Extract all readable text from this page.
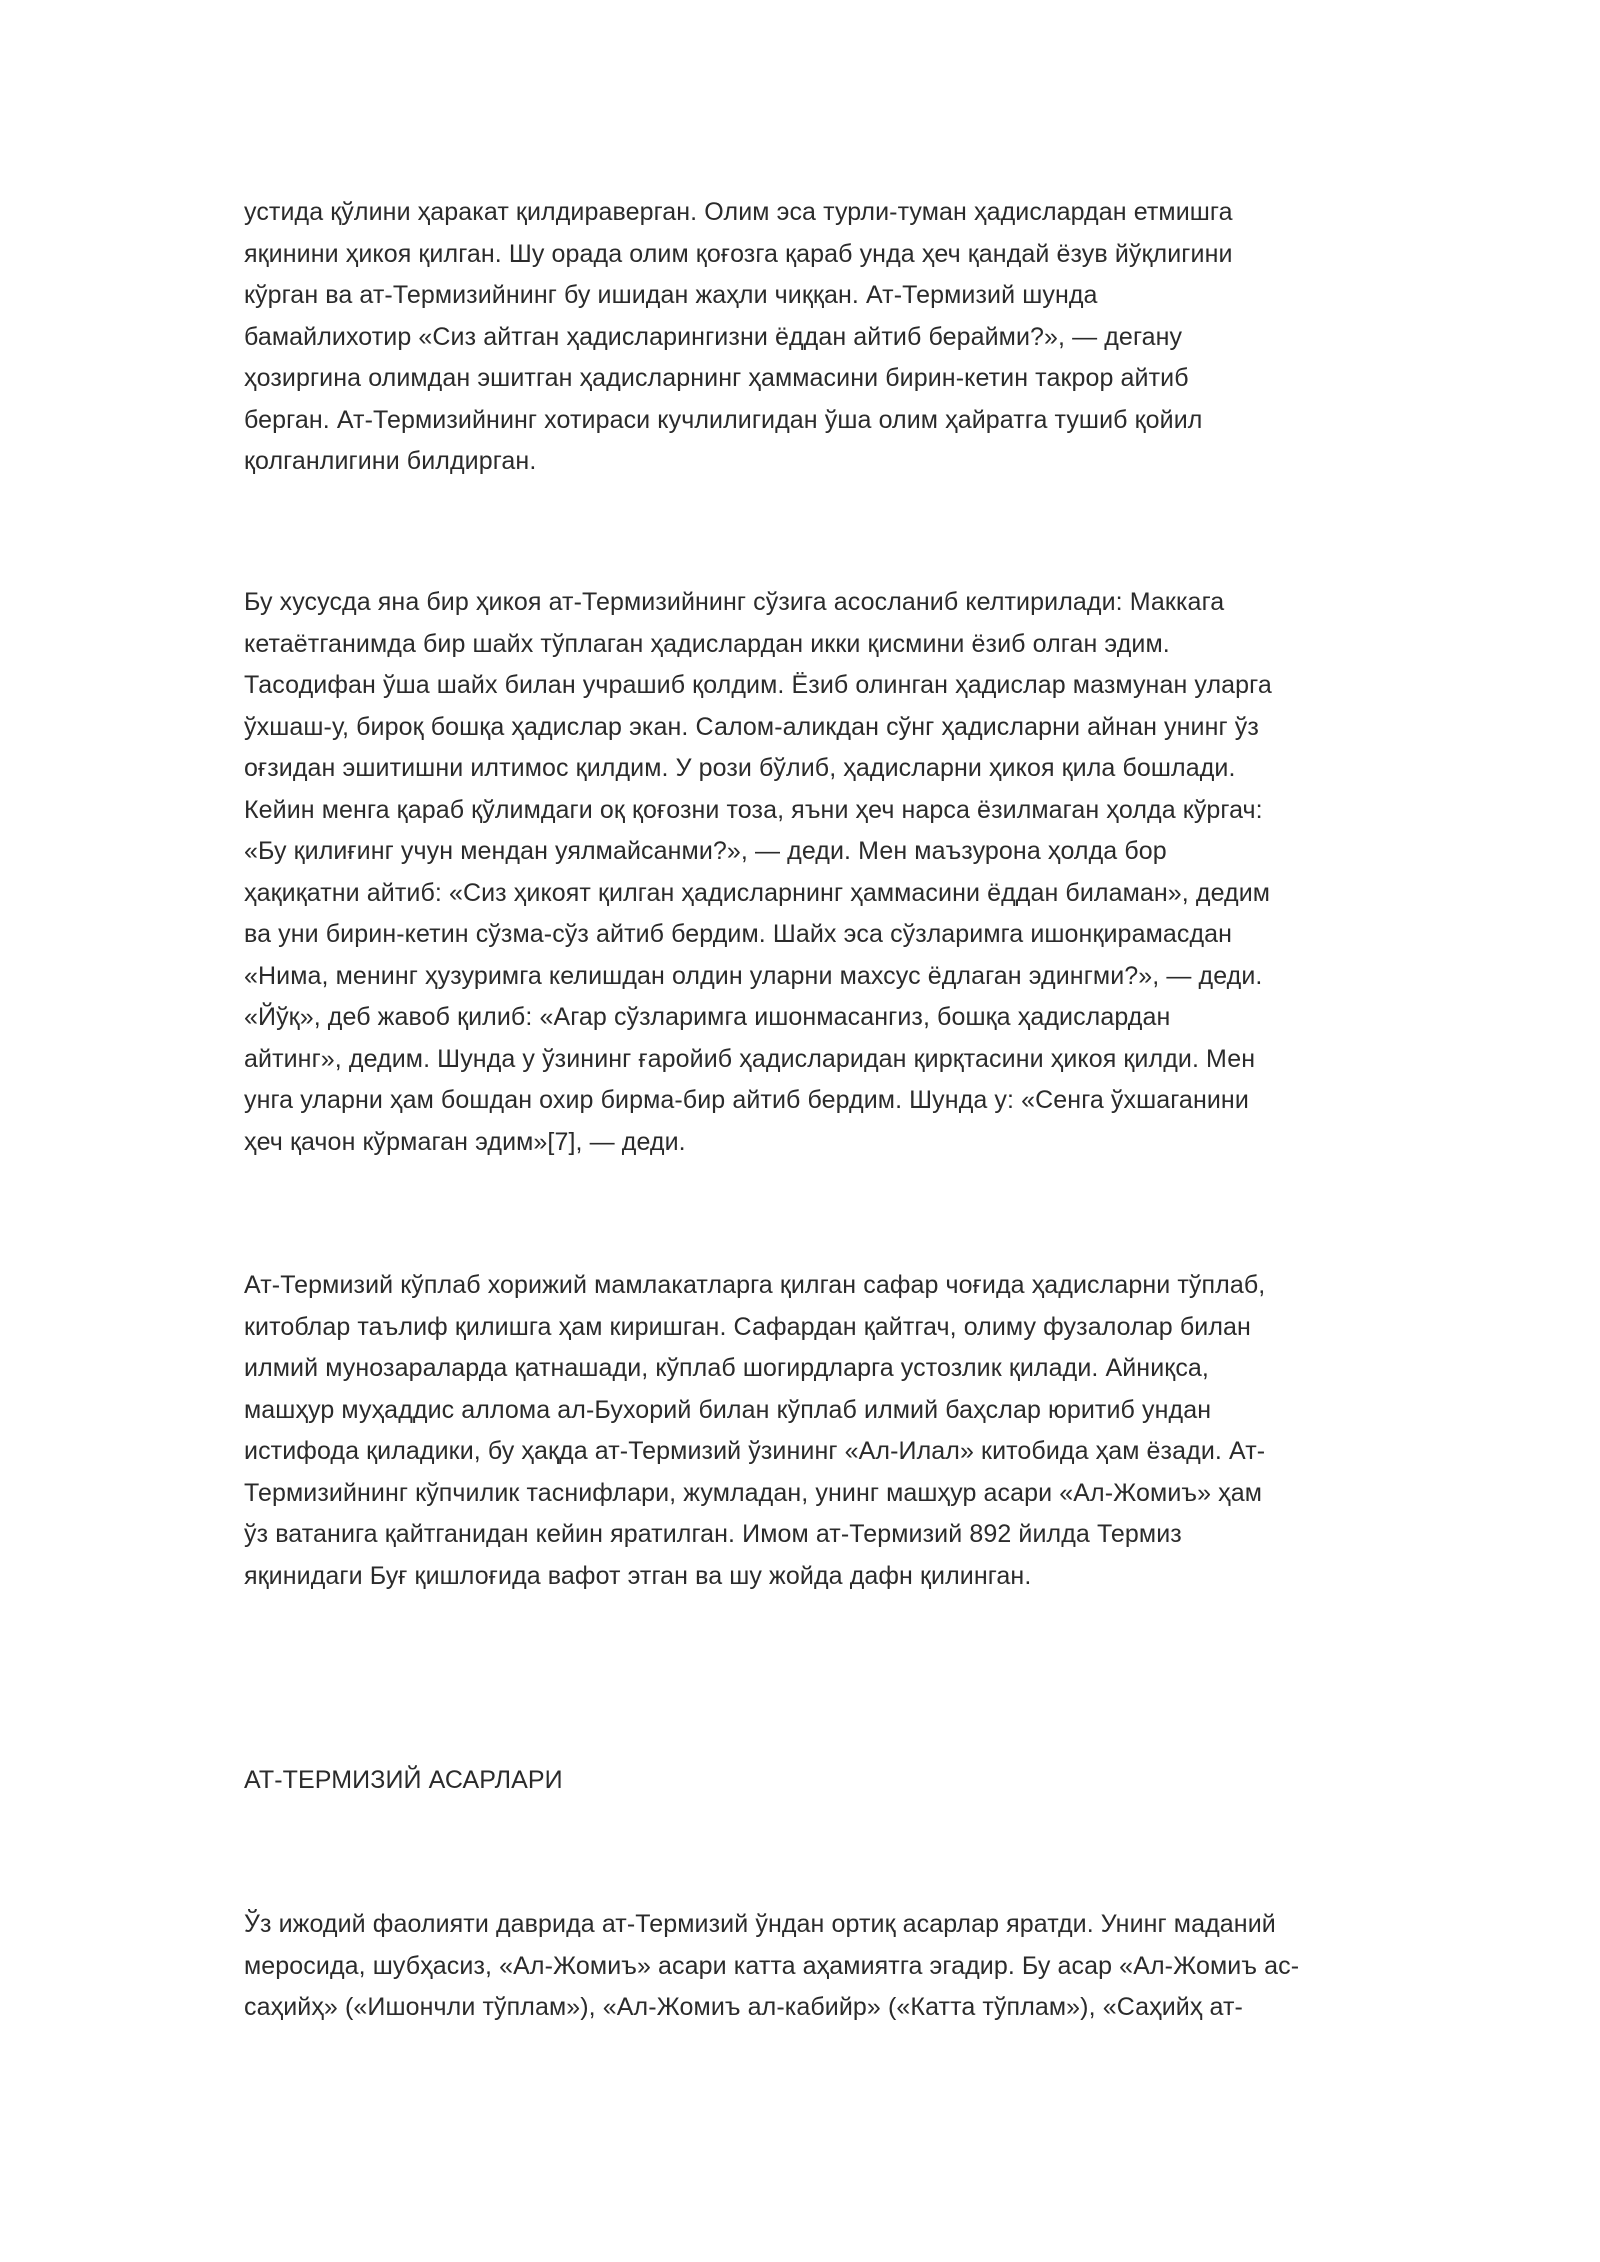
устида қўлини ҳаракат қилдираверган. Олим эса турли-туман ҳадислардан етмишга
яқинини ҳикоя қилган. Шу орада олим қоғозга қараб унда ҳеч қандай ёзув йўқлигини
кўрган ва ат-Термизийнинг бу ишидан жаҳли чиққан. Ат-Термизий шунда
бамайлихотир «Сиз айтган ҳадисларингизни ёддан айтиб берайми?», — дегану
ҳозиргина олимдан эшитган ҳадисларнинг ҳаммасини бирин-кетин такрор айтиб
берган. Ат-Термизийнинг хотираси кучлилигидан ўша олим ҳайратга тушиб қойил
қолганлигини билдирган.

Бу хусусда яна бир ҳикоя ат-Термизийнинг сўзига асосланиб келтирилади: Маккага
кетаётганимда бир шайх тўплаган ҳадислардан икки қисмини ёзиб олган эдим.
Тасодифан ўша шайх билан учрашиб қолдим. Ёзиб олинган ҳадислар мазмунан уларга
ўхшаш-у, бироқ бошқа ҳадислар экан. Салом-аликдан сўнг ҳадисларни айнан унинг ўз
оғзидан эшитишни илтимос қилдим. У рози бўлиб, ҳадисларни ҳикоя қила бошлади.
Кейин менга қараб қўлимдаги оқ қоғозни тоза, яъни ҳеч нарса ёзилмаган ҳолда кўргач:
«Бу қилиғинг учун мендан уялмайсанми?», — деди. Мен маъзурона ҳолда бор
ҳақиқатни айтиб: «Сиз ҳикоят қилган ҳадисларнинг ҳаммасини ёддан биламан», дедим
ва уни бирин-кетин сўзма-сўз айтиб бердим. Шайх эса сўзларимга ишонқирамасдан
«Нима, менинг ҳузуримга келишдан олдин уларни махсус ёдлаган эдингми?», — деди.
«Йўқ», деб жавоб қилиб: «Агар сўзларимга ишонмасангиз, бошқа ҳадислардан
айтинг», дедим. Шунда у ўзининг ғаройиб ҳадисларидан қирқтасини ҳикоя қилди. Мен
унга уларни ҳам бошдан охир бирма-бир айтиб бердим. Шунда у: «Сенга ўхшаганини
ҳеч қачон кўрмаган эдим»[7], — деди.

Ат-Термизий кўплаб хорижий мамлакатларга қилган сафар чоғида ҳадисларни тўплаб,
китоблар таълиф қилишга ҳам киришган. Сафардан қайтгач, олиму фузалолар билан
илмий мунозараларда қатнашади, кўплаб шогирдларга устозлик қилади. Айниқса,
машҳур муҳаддис аллома ал-Бухорий билан кўплаб илмий баҳслар юритиб ундан
истифода қиладики, бу ҳақда ат-Термизий ўзининг «Ал-Илал» китобида ҳам ёзади. Ат-
Термизийнинг кўпчилик таснифлари, жумладан, унинг машҳур асари «Ал-Жомиъ» ҳам
ўз ватанига қайтганидан кейин яратилган. Имом ат-Термизий 892 йилда Термиз
яқинидаги Буғ қишлоғида вафот этган ва шу жойда дафн қилинган.

АТ-ТЕРМИЗИЙ АСАРЛАРИ

Ўз ижодий фаолияти даврида ат-Термизий ўндан ортиқ асарлар яратди. Унинг маданий
меросида, шубҳасиз, «Ал-Жомиъ» асари катта аҳамиятга эгадир. Бу асар «Ал-Жомиъ ас-
саҳийҳ» («Ишончли тўплам»), «Ал-Жомиъ ал-кабийр» («Катта тўплам»), «Саҳийҳ ат-
